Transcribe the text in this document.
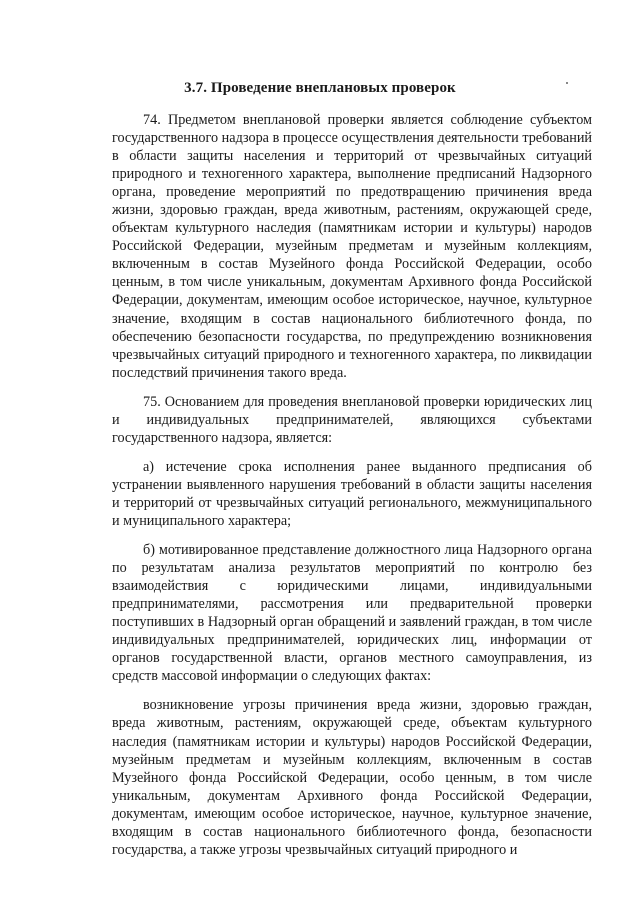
3.7. Проведение внеплановых проверок

74. Предметом внеплановой проверки является соблюдение субъектом государственного надзора в процессе осуществления деятельности требований в области защиты населения и территорий от чрезвычайных ситуаций природного и техногенного характера, выполнение предписаний Надзорного органа, проведение мероприятий по предотвращению причинения вреда жизни, здоровью граждан, вреда животным, растениям, окружающей среде, объектам культурного наследия (памятникам истории и культуры) народов Российской Федерации, музейным предметам и музейным коллекциям, включенным в состав Музейного фонда Российской Федерации, особо ценным, в том числе уникальным, документам Архивного фонда Российской Федерации, документам, имеющим особое историческое, научное, культурное значение, входящим в состав национального библиотечного фонда, по обеспечению безопасности государства, по предупреждению возникновения чрезвычайных ситуаций природного и техногенного характера, по ликвидации последствий причинения такого вреда.

75. Основанием для проведения внеплановой проверки юридических лиц и индивидуальных предпринимателей, являющихся субъектами государственного надзора, является:

а) истечение срока исполнения ранее выданного предписания об устранении выявленного нарушения требований в области защиты населения и территорий от чрезвычайных ситуаций регионального, межмуниципального и муниципального характера;

б) мотивированное представление должностного лица Надзорного органа по результатам анализа результатов мероприятий по контролю без взаимодействия с юридическими лицами, индивидуальными предпринимателями, рассмотрения или предварительной проверки поступивших в Надзорный орган обращений и заявлений граждан, в том числе индивидуальных предпринимателей, юридических лиц, информации от органов государственной власти, органов местного самоуправления, из средств массовой информации о следующих фактах:

возникновение угрозы причинения вреда жизни, здоровью граждан, вреда животным, растениям, окружающей среде, объектам культурного наследия (памятникам истории и культуры) народов Российской Федерации, музейным предметам и музейным коллекциям, включенным в состав Музейного фонда Российской Федерации, особо ценным, в том числе уникальным, документам Архивного фонда Российской Федерации, документам, имеющим особое историческое, научное, культурное значение, входящим в состав национального библиотечного фонда, безопасности государства, а также угрозы чрезвычайных ситуаций природного и
